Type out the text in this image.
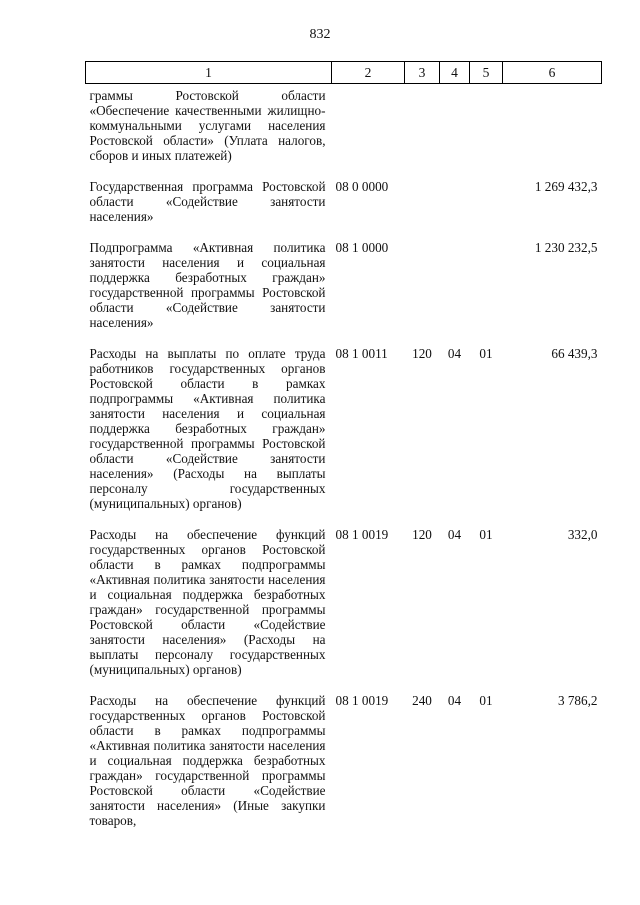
832
1	2	3	4	5	6
граммы Ростовской области «Обеспечение качественными жилищно-коммунальными услугами населения Ростовской области» (Уплата налогов, сборов и иных платежей)					
Государственная программа Ростовской области «Содействие занятости населения»	08 0 0000				1 269 432,3
Подпрограмма «Активная политика занятости населения и социальная поддержка безработных граждан» государственной программы Ростовской области «Содействие занятости населения»	08 1 0000				1 230 232,5
Расходы на выплаты по оплате труда работников государственных органов Ростовской области в рамках подпрограммы «Активная политика занятости населения и социальная поддержка безработных граждан» государственной программы Ростовской области «Содействие занятости населения» (Расходы на выплаты персоналу государственных (муниципальных) органов)	08 1 0011	120	04	01	66 439,3
Расходы на обеспечение функций государственных органов Ростовской области в рамках подпрограммы «Активная политика занятости населения и социальная поддержка безработных граждан» государственной программы Ростовской области «Содействие занятости населения» (Расходы на выплаты персоналу государственных (муниципальных) органов)	08 1 0019	120	04	01	332,0
Расходы на обеспечение функций государственных органов Ростовской области в рамках подпрограммы «Активная политика занятости населения и социальная поддержка безработных граждан» государственной программы Ростовской области «Содействие занятости населения» (Иные закупки товаров,	08 1 0019	240	04	01	3 786,2
